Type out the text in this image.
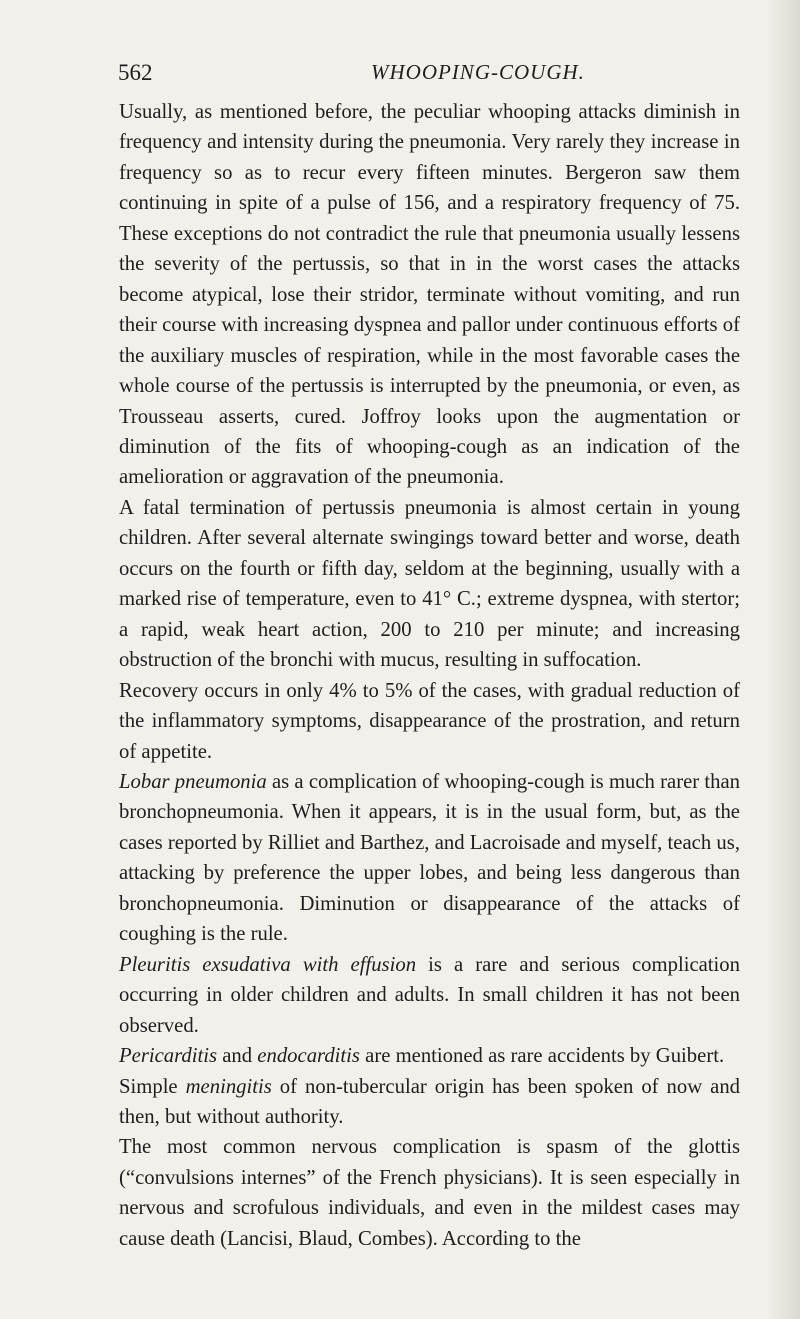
562	WHOOPING-COUGH.

Usually, as mentioned before, the peculiar whooping attacks diminish in frequency and intensity during the pneumonia. Very rarely they increase in frequency so as to recur every fifteen minutes. Bergeron saw them continuing in spite of a pulse of 156, and a respiratory frequency of 75. These exceptions do not contradict the rule that pneumonia usually lessens the severity of the pertussis, so that in in the worst cases the attacks become atypical, lose their stridor, terminate without vomiting, and run their course with increasing dyspnea and pallor under continuous efforts of the auxiliary muscles of respiration, while in the most favorable cases the whole course of the pertussis is interrupted by the pneumonia, or even, as Trousseau asserts, cured. Joffroy looks upon the augmentation or diminution of the fits of whooping-cough as an indication of the amelioration or aggravation of the pneumonia.

A fatal termination of pertussis pneumonia is almost certain in young children. After several alternate swingings toward better and worse, death occurs on the fourth or fifth day, seldom at the beginning, usually with a marked rise of temperature, even to 41° C.; extreme dyspnea, with stertor; a rapid, weak heart action, 200 to 210 per minute; and increasing obstruction of the bronchi with mucus, resulting in suffocation.

Recovery occurs in only 4% to 5% of the cases, with gradual reduction of the inflammatory symptoms, disappearance of the prostration, and return of appetite.

Lobar pneumonia as a complication of whooping-cough is much rarer than bronchopneumonia. When it appears, it is in the usual form, but, as the cases reported by Rilliet and Barthez, and Lacroisade and myself, teach us, attacking by preference the upper lobes, and being less dangerous than bronchopneumonia. Diminution or disappearance of the attacks of coughing is the rule.

Pleuritis exsudativa with effusion is a rare and serious complication occurring in older children and adults. In small children it has not been observed.

Pericarditis and endocarditis are mentioned as rare accidents by Guibert.

Simple meningitis of non-tubercular origin has been spoken of now and then, but without authority.

The most common nervous complication is spasm of the glottis (“convulsions internes” of the French physicians). It is seen especially in nervous and scrofulous individuals, and even in the mildest cases may cause death (Lancisi, Blaud, Combes). According to the
